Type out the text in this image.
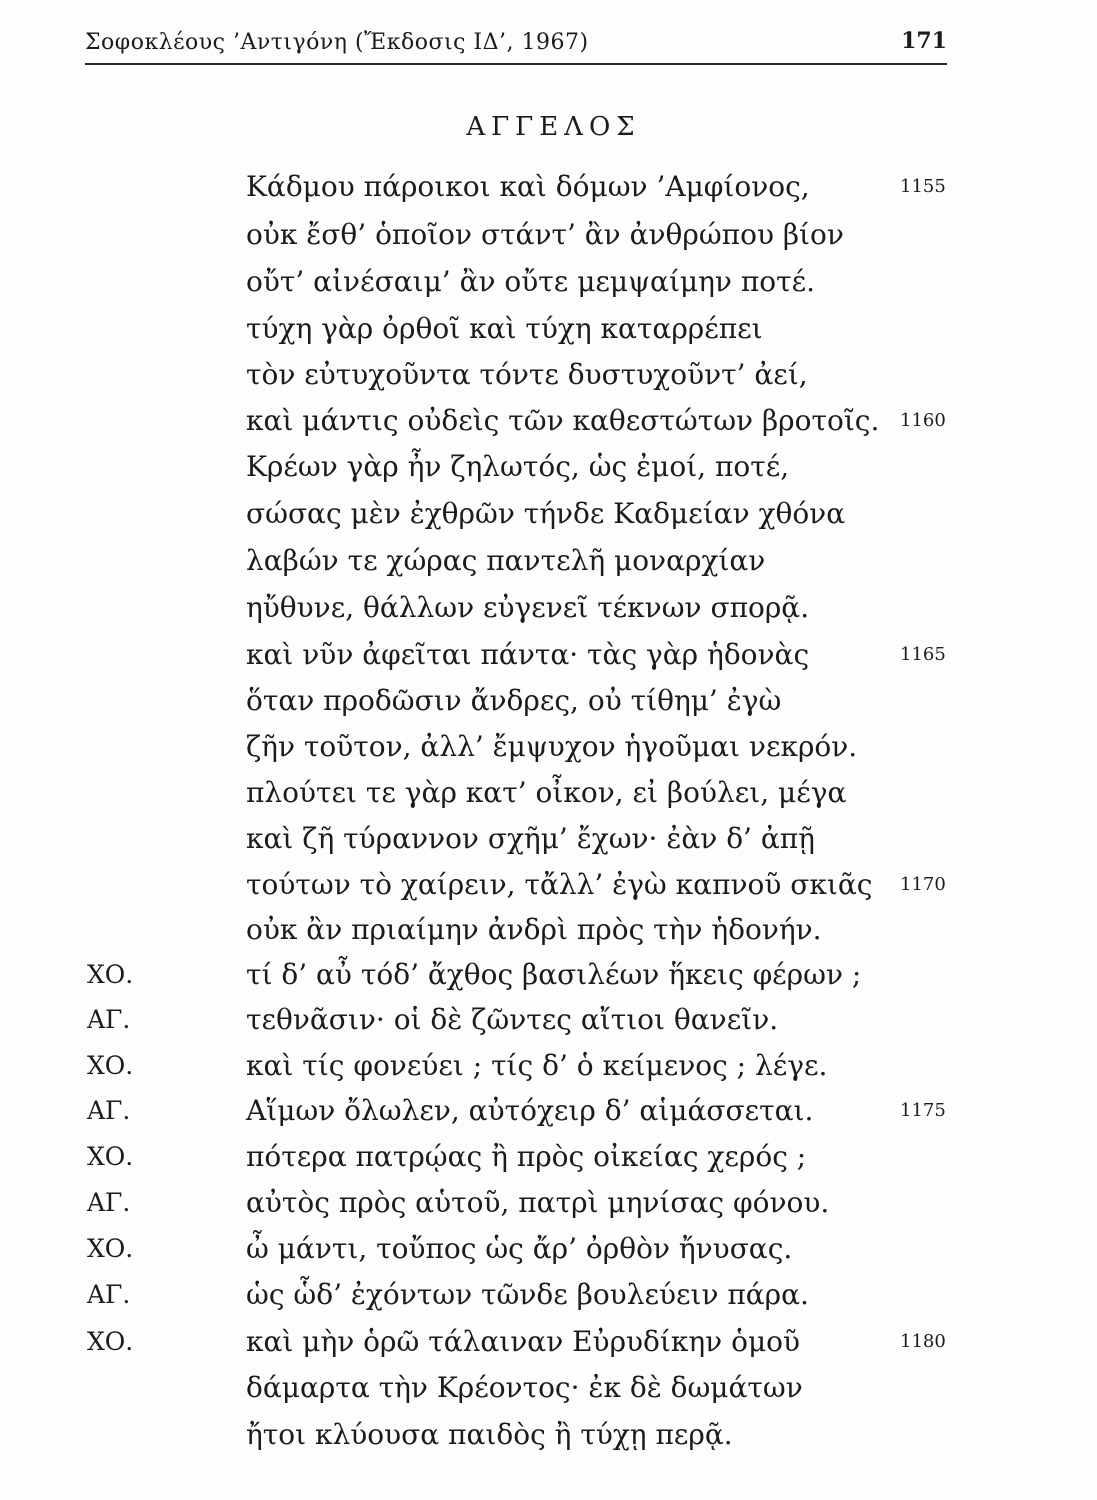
Σοφοκλέους ’Αντιγόνη (Ἔκδοσις ΙΔ’, 1967)	171
ΑΓΓΕΛΟΣ
Κάδμου πάροικοι καὶ δόμων ’Αμφίονος,	1155
οὐκ ἔσθ’ ὁποῖον στάντ’ ἂν ἀνθρώπου βίον
οὔτ’ αἰνέσαιμ’ ἂν οὔτε μεμψαίμην ποτέ.
τύχη γὰρ ὀρθοῖ καὶ τύχη καταρρέπει
τὸν εὐτυχοῦντα τόντε δυστυχοῦντ’ ἀεί,
καὶ μάντις οὐδεὶς τῶν καθεστώτων βροτοῖς. 1160
Κρέων γὰρ ἦν ζηλωτός, ὡς ἐμοί, ποτέ,
σώσας μὲν ἐχθρῶν τήνδε Καδμείαν χθόνα
λαβών τε χώρας παντελῆ μοναρχίαν
ηὔθυνε, θάλλων εὐγενεῖ τέκνων σπορᾷ.
καὶ νῦν ἀφεῖται πάντα· τὰς γὰρ ἡδονὰς	1165
ὅταν προδῶσιν ἄνδρες, οὐ τίθημ’ ἐγὼ
ζῆν τοῦτον, ἀλλ’ ἔμψυχον ἡγοῦμαι νεκρόν.
πλούτει τε γὰρ κατ’ οἶκον, εἰ βούλει, μέγα
καὶ ζῆ τύραννον σχῆμ’ ἔχων· ἐὰν δ’ ἀπῇ
τούτων τὸ χαίρειν, τἄλλ’ ἐγὼ καπνοῦ σκιᾶς 1170
οὐκ ἂν πριαίμην ἀνδρὶ πρὸς τὴν ἡδονήν.
ΧΟ.	τί δ’ αὖ τόδ’ ἄχθος βασιλέων ἥκεις φέρων ;
ΑΓ.	τεθνᾶσιν· οἱ δὲ ζῶντες αἴτιοι θανεῖν.
ΧΟ.	καὶ τίς φονεύει ; τίς δ’ ὁ κείμενος ; λέγε.
ΑΓ.	Αἵμων ὄλωλεν, αὐτόχειρ δ’ αἱμάσσεται.	1175
ΧΟ.	πότερα πατρῴας ἢ πρὸς οἰκείας χερός ;
ΑΓ.	αὐτὸς πρὸς αὑτοῦ, πατρὶ μηνίσας φόνου.
ΧΟ.	ὦ μάντι, τοὔπος ὡς ἄρ’ ὀρθὸν ἤνυσας.
ΑΓ.	ὡς ὧδ’ ἐχόντων τῶνδε βουλεύειν πάρα.
ΧΟ.	καὶ μὴν ὁρῶ τάλαιναν Εὐρυδίκην ὁμοῦ	1180
δάμαρτα τὴν Κρέοντος· ἐκ δὲ δωμάτων
ἤτοι κλύουσα παιδὸς ἢ τύχῃ περᾷ.
